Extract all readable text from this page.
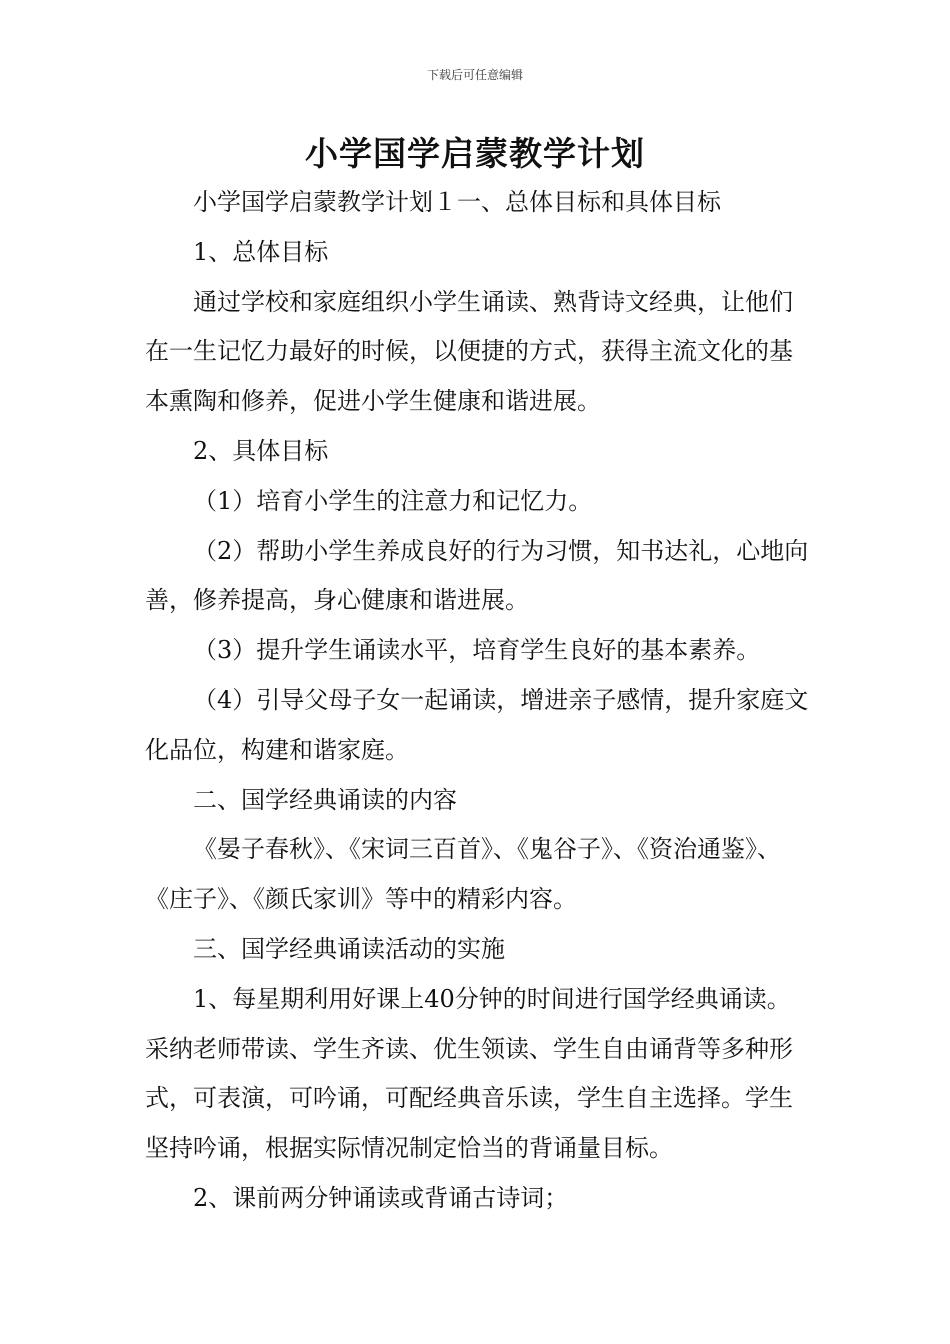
下载后可任意编辑
小学国学启蒙教学计划

小学国学启蒙教学计划１一、总体目标和具体目标

1、总体目标

通过学校和家庭组织小学生诵读、熟背诗文经典，让他们在一生记忆力最好的时候，以便捷的方式，获得主流文化的基本熏陶和修养，促进小学生健康和谐进展。

2、具体目标

（1）培育小学生的注意力和记忆力。

（2）帮助小学生养成良好的行为习惯，知书达礼，心地向善，修养提高，身心健康和谐进展。

（3）提升学生诵读水平，培育学生良好的基本素养。

（4）引导父母子女一起诵读，增进亲子感情，提升家庭文化品位，构建和谐家庭。

二、国学经典诵读的内容

《晏子春秋》、《宋词三百首》、《鬼谷子》、《资治通鉴》、《庄子》、《颜氏家训》等中的精彩内容。

三、国学经典诵读活动的实施

1、每星期利用好课上40分钟的时间进行国学经典诵读。采纳老师带读、学生齐读、优生领读、学生自由诵背等多种形式，可表演，可吟诵，可配经典音乐读，学生自主选择。学生坚持吟诵，根据实际情况制定恰当的背诵量目标。

2、课前两分钟诵读或背诵古诗词；
